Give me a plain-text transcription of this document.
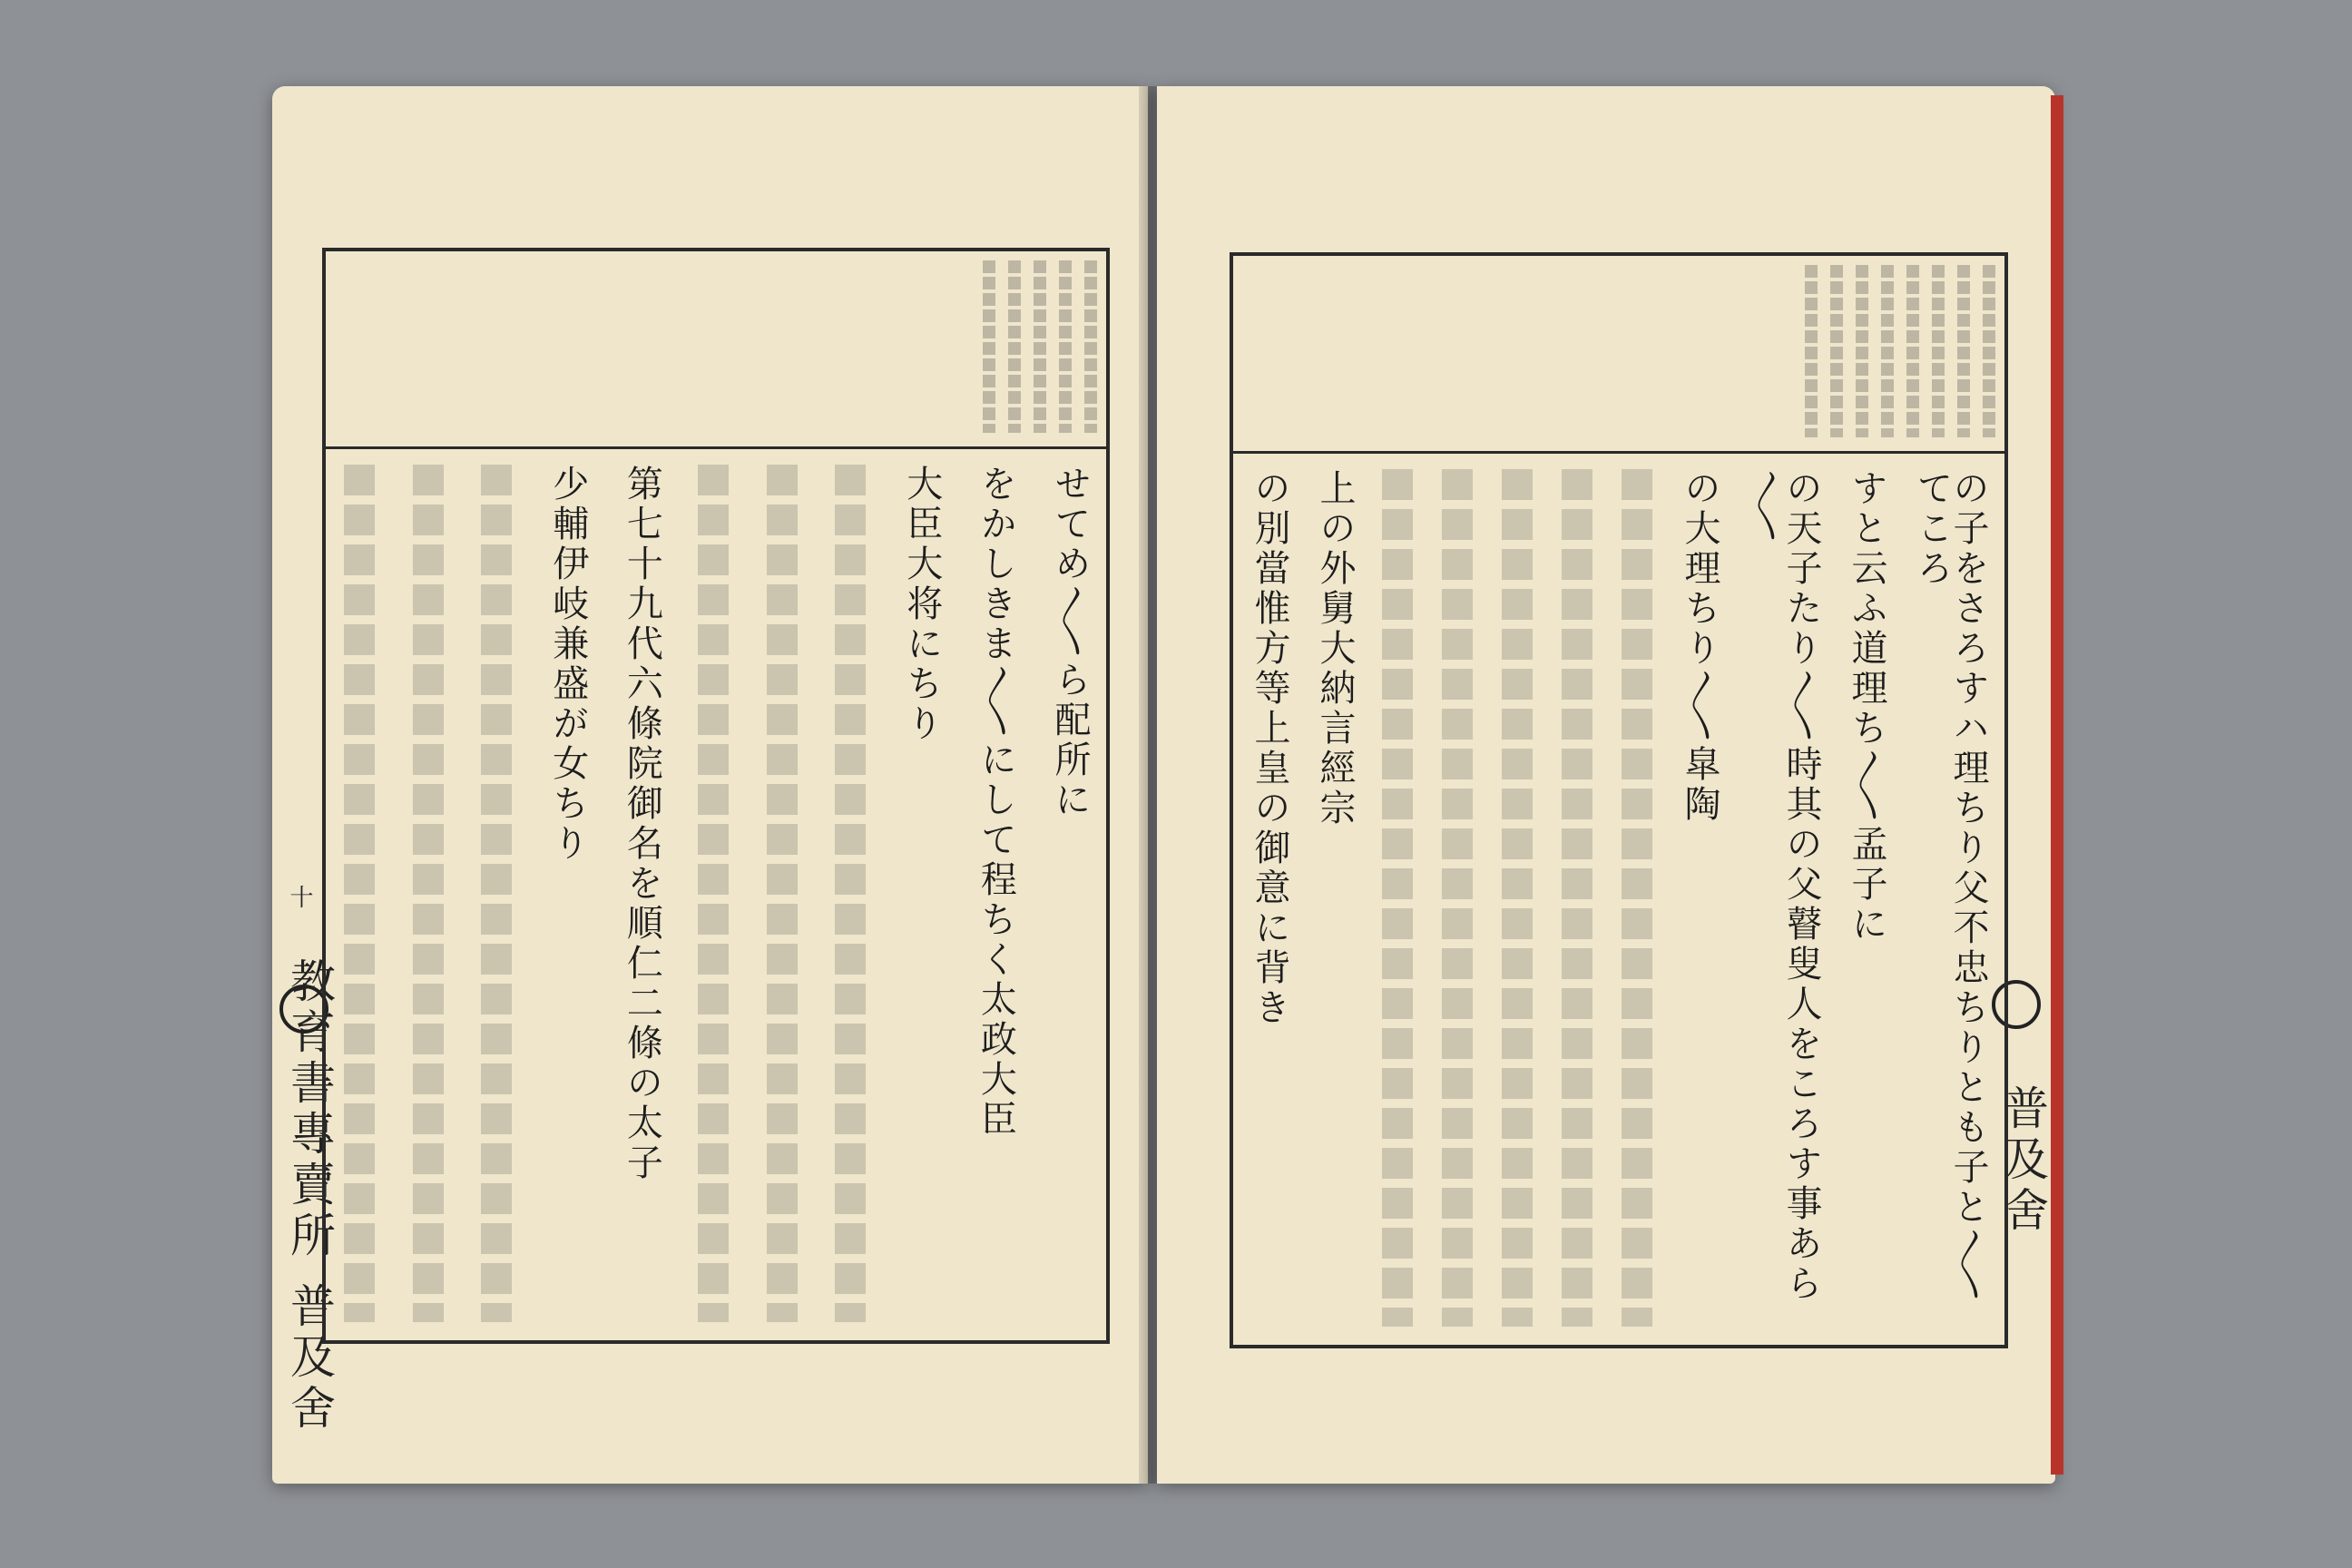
十
教育書專賣所 普及舍
せてめ〳〵ら配所に
をかしきま〳〵にして程ちく太政大臣
大臣大将にちり
第七十九代六條院御名を順仁二條の太子
少輔伊岐兼盛が女ちり
普及舍
の子をさろすハ理ちり父不忠ちりとも子と〳〵てころ
すと云ふ道理ち〳〵孟子に
の天子たり〳〵時其の父瞽叟人をころす事あら〳〵
の大理ちり〳〵皐陶
上の外舅大納言經宗
の別當惟方等上皇の御意に背き
